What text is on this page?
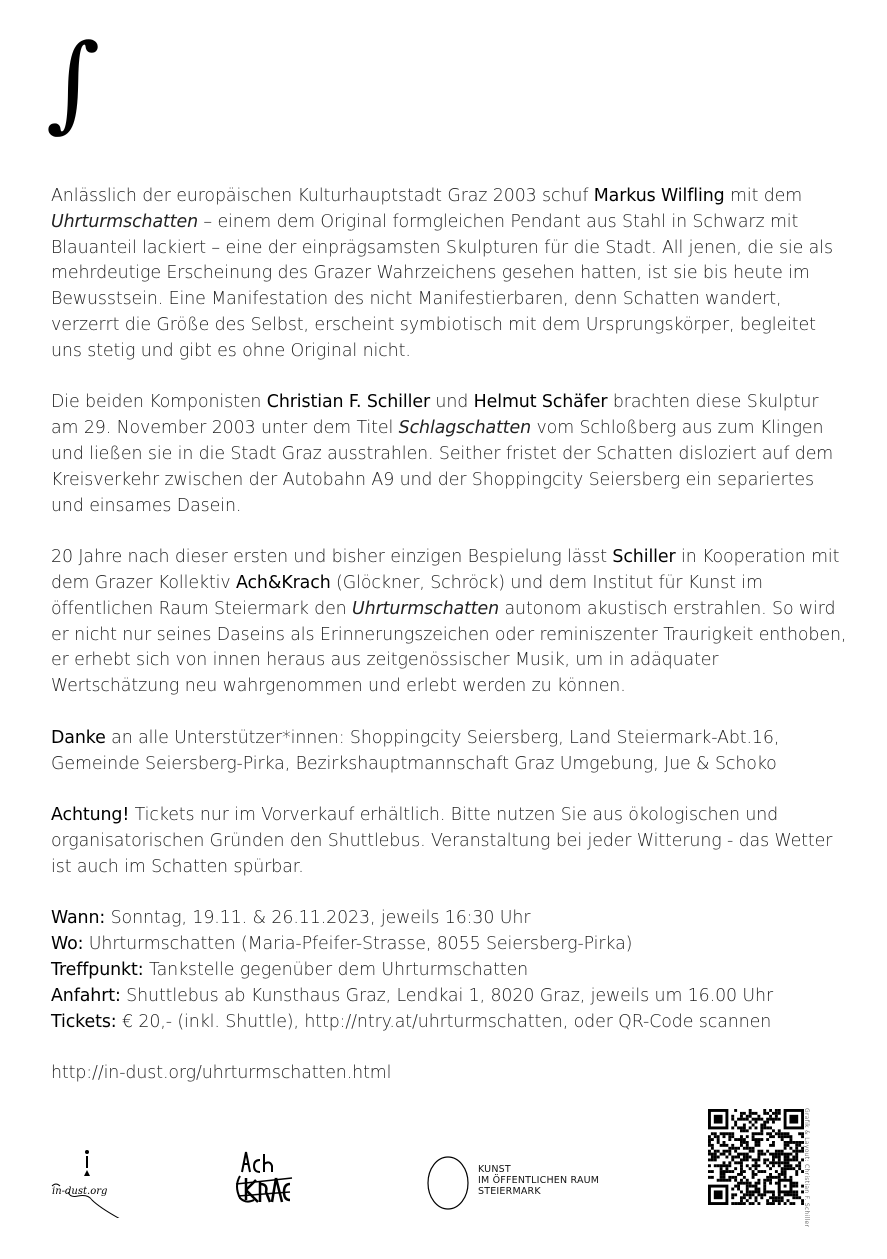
∫

Anlässlich der europäischen Kulturhauptstadt Graz 2003 schuf Markus Wilfling mit dem Uhrturmschatten – einem dem Original formgleichen Pendant aus Stahl in Schwarz mit Blauanteil lackiert – eine der einprägsamsten Skulpturen für die Stadt. All jenen, die sie als mehrdeutige Erscheinung des Grazer Wahrzeichens gesehen hatten, ist sie bis heute im Bewusstsein. Eine Manifestation des nicht Manifestierbaren, denn Schatten wandert, verzerrt die Größe des Selbst, erscheint symbiotisch mit dem Ursprungskörper, begleitet uns stetig und gibt es ohne Original nicht.

Die beiden Komponisten Christian F. Schiller und Helmut Schäfer brachten diese Skulptur am 29. November 2003 unter dem Titel Schlagschatten vom Schloßberg aus zum Klingen und ließen sie in die Stadt Graz ausstrahlen. Seither fristet der Schatten disloziert auf dem Kreisverkehr zwischen der Autobahn A9 und der Shoppingcity Seiersberg ein separiertes und einsames Dasein.

20 Jahre nach dieser ersten und bisher einzigen Bespielung lässt Schiller in Kooperation mit dem Grazer Kollektiv Ach&Krach (Glöckner, Schröck) und dem Institut für Kunst im öffentlichen Raum Steiermark den Uhrturmschatten autonom akustisch erstrahlen. So wird er nicht nur seines Daseins als Erinnerungszeichen oder reminiszenter Traurigkeit enthoben, er erhebt sich von innen heraus aus zeitgenössischer Musik, um in adäquater Wertschätzung neu wahrgenommen und erlebt werden zu können.

Danke an alle Unterstützer*innen: Shoppingcity Seiersberg, Land Steiermark-Abt.16, Gemeinde Seiersberg-Pirka, Bezirkshauptmannschaft Graz Umgebung, Jue & Schoko

Achtung! Tickets nur im Vorverkauf erhältlich. Bitte nutzen Sie aus ökologischen und organisatorischen Gründen den Shuttlebus. Veranstaltung bei jeder Witterung - das Wetter ist auch im Schatten spürbar.

Wann: Sonntag, 19.11. & 26.11.2023, jeweils 16:30 Uhr

Wo: Uhrturmschatten (Maria-Pfeifer-Strasse, 8055 Seiersberg-Pirka)

Treffpunkt: Tankstelle gegenüber dem Uhrturmschatten

Anfahrt: Shuttlebus ab Kunsthaus Graz, Lendkai 1, 8020 Graz, jeweils um 16.00 Uhr

Tickets: € 20,- (inkl. Shuttle), http://ntry.at/uhrturmschatten, oder QR-Code scannen

http://in-dust.org/uhrturmschatten.html
in-dust.org
KUNST
IM ÖFFENTLICHEN RAUM
STEIERMARK	Grafik & Layout: Christian F. Schiller
